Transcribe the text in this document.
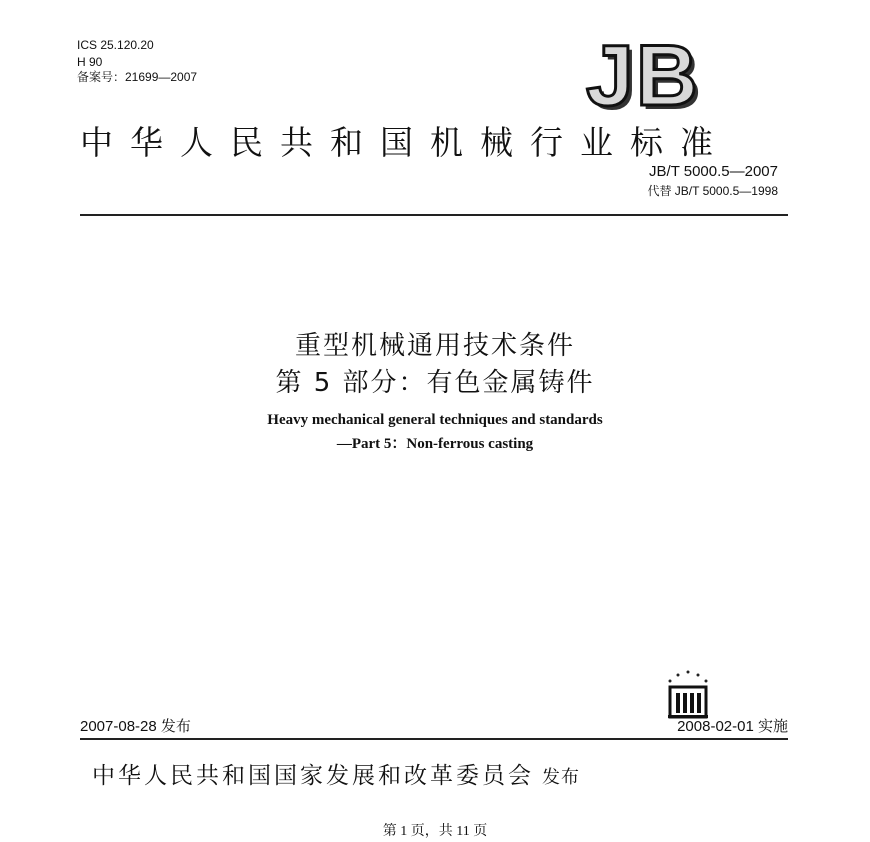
ICS 25.120.20
H 90
备案号：21699—2007	JB
中华人民共和国机械行业标准
JB/T 5000.5—2007
代替 JB/T 5000.5—1998
重型机械通用技术条件
第 5 部分：有色金属铸件
Heavy mechanical general techniques and standards
—Part 5：Non-ferrous casting
2007-08-28 发布	2008-02-01 实施
中华人民共和国国家发展和改革委员会 发布
第 1 页，共 11 页
